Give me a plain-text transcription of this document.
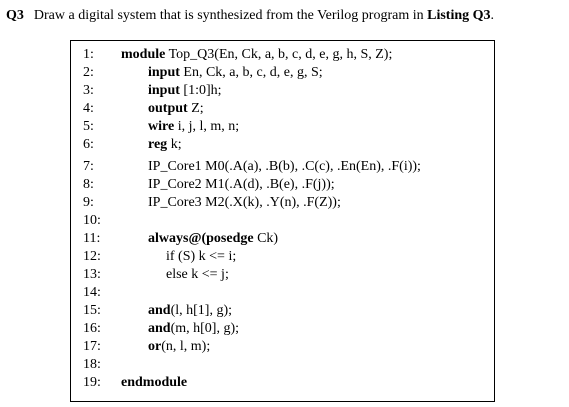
Q3 Draw a digital system that is synthesized from the Verilog program in Listing Q3.
1:	module Top_Q3(En, Ck, a, b, c, d, e, g, h, S, Z);
2:	input En, Ck, a, b, c, d, e, g, S;
3:	input [1:0]h;
4:	output Z;
5:	wire i, j, l, m, n;
6:	reg k;
7:	IP_Core1 M0(.A(a), .B(b), .C(c), .En(En), .F(i));
8:	IP_Core2 M1(.A(d), .B(e), .F(j));
9:	IP_Core3 M2(.X(k), .Y(n), .F(Z));
10:
11:	always@(posedge Ck)
12:	if (S) k <= i;
13:	else k <= j;
14:
15:	and(l, h[1], g);
16:	and(m, h[0], g);
17:	or(n, l, m);
18:
19:	endmodule
